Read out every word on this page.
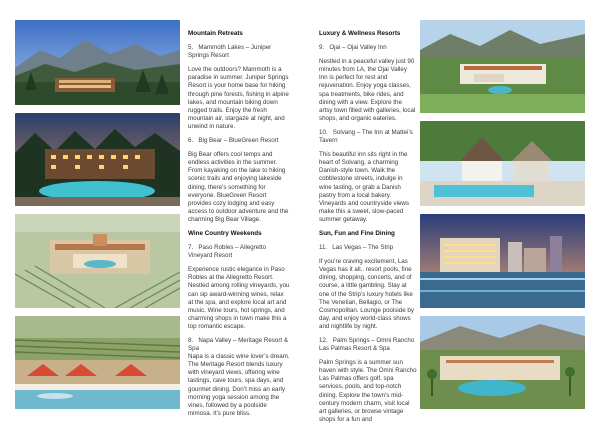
Mountain Retreats

5.   Mammoth Lakes – Juniper Springs Resort

Love the outdoors? Mammoth is a paradise in summer. Juniper Springs Resort is your home base for hiking through pine forests, fishing in alpine lakes, and mountain biking down rugged trails. Enjoy the fresh mountain air, stargaze at night, and unwind in nature.

6.   Big Bear – BlueGreen Resort

Big Bear offers cool temps and endless activities in the summer. From kayaking on the lake to hiking scenic trails and enjoying lakeside dining, there’s something for everyone. BlueGreen Resort provides cozy lodging and easy access to outdoor adventure and the charming Big Bear Village.

Wine Country Weekends

7.   Paso Robles – Allegretto Vineyard Resort

Experience rustic elegance in Paso Robles at the Allegretto Resort. Nestled among rolling vineyards, you can sip award-winning wines, relax at the spa, and explore local art and music. Wine tours, hot springs, and charming shops in town make this a top romantic escape.

8.   Napa Valley – Meritage Resort & Spa

Napa is a classic wine lover’s dream. The Meritage Resort blends luxury with vineyard views, offering wine tastings, cave tours, spa days, and gourmet dining. Don’t miss an early morning yoga session among the vines, followed by a poolside mimosa. It’s pure bliss.

Luxury & Wellness Resorts

9.   Ojai – Ojai Valley Inn

Nestled in a peaceful valley just 90 minutes from LA, the Ojai Valley Inn is perfect for rest and rejuvenation. Enjoy yoga classes, spa treatments, bike rides, and dining with a view. Explore the artsy town filled with galleries, local shops, and organic eateries.

10.   Solvang – The Inn at Mattei’s Tavern

This beautiful inn sits right in the heart of Solvang, a charming Danish-style town. Walk the cobblestone streets, indulge in wine tasting, or grab a Danish pastry from a local bakery. Vineyards and countryside views make this a sweet, slow-paced summer getaway.

Sun, Fun and Fine Dining

11.   Las Vegas – The Strip

If you’re craving excitement, Las Vegas has it all.. resort pools, fine dining, shopping, concerts, and of course, a little gambling. Stay at one of the Strip’s luxury hotels like The Venetian, Bellagio, or The Cosmopolitan. Lounge poolside by day, and enjoy world-class shows and nightlife by night.

12.   Palm Springs – Omni Rancho Las Palmas Resort & Spa

Palm Springs is a summer sun haven with style. The Omni Rancho Las Palmas offers golf, spa services, pools, and top-notch dining. Explore the town’s mid-century modern charm, visit local art galleries, or browse vintage shops for a fun and
